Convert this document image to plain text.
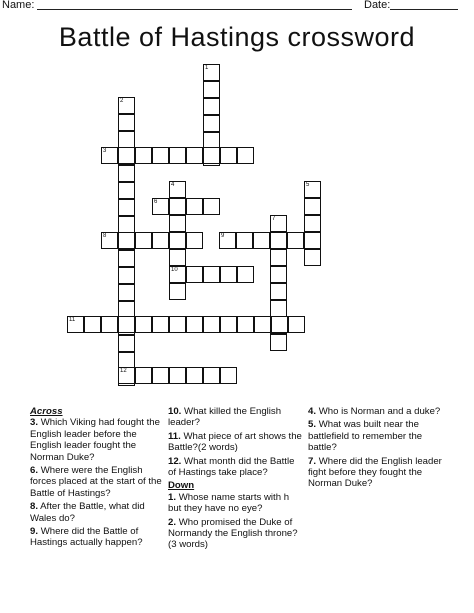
Name:	Date:
Battle of Hastings crossword
1
2
3
4	5
6
7
8	9
10
11
12
Across
3. Which Viking had fought the English leader before the English leader fought the Norman Duke?
6. Where were the English forces placed at the start of the Battle of Hastings?
8. After the Battle, what did Wales do?
9. Where did the Battle of Hastings actually happen?
10. What killed the English leader?
11. What piece of art shows the Battle?(2 words)
12. What month did the Battle of Hastings take place?
Down
1. Whose name starts with h but they have no eye?
2. Who promised the Duke of Normandy the English throne? (3 words)
4. Who is Norman and a duke?
5. What was built near the battlefield to remember the battle?
7. Where did the English leader fight before they fought the Norman Duke?
